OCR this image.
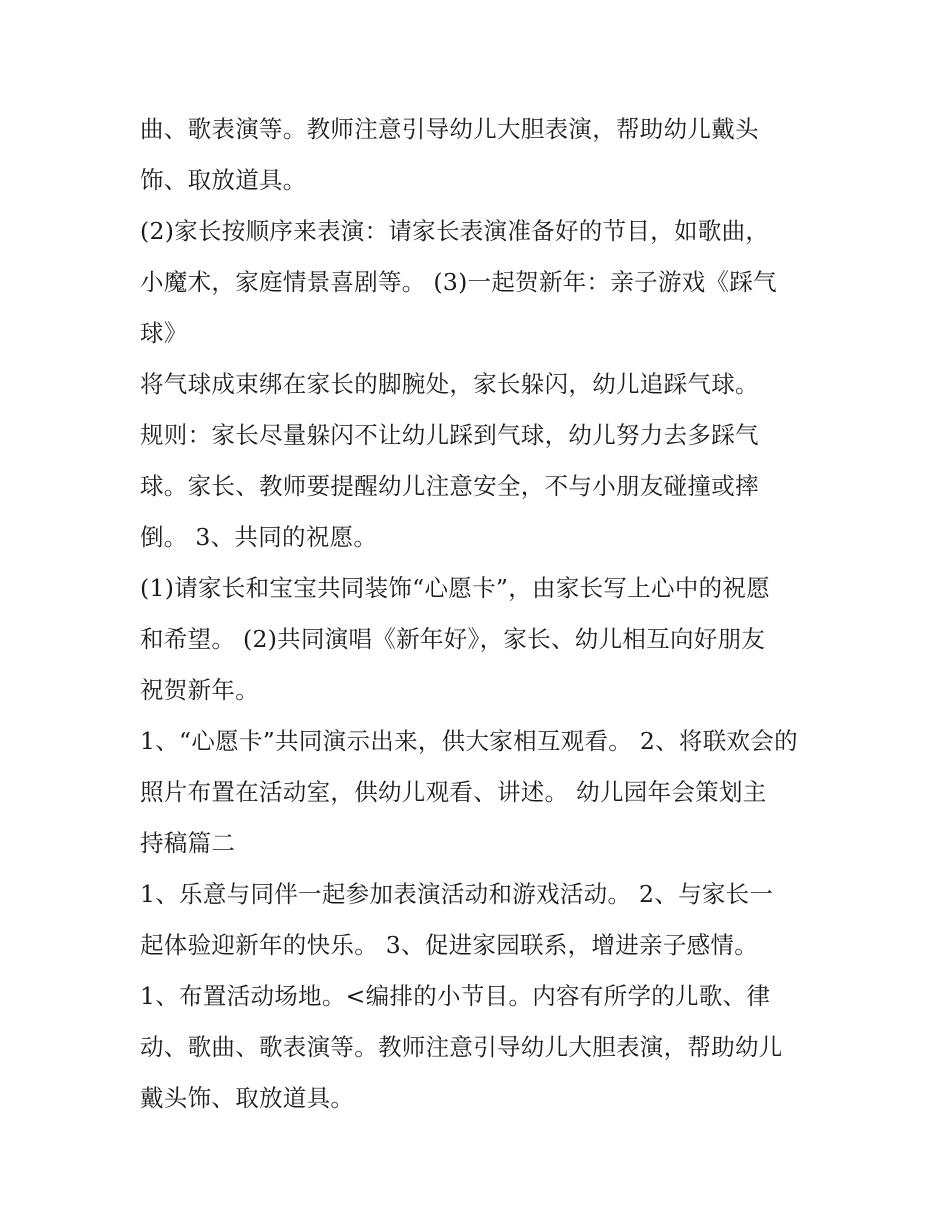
曲、歌表演等。教师注意引导幼儿大胆表演，帮助幼儿戴头
饰、取放道具。
(2)家长按顺序来表演：请家长表演准备好的节目，如歌曲，
小魔术，家庭情景喜剧等。 (3)一起贺新年：亲子游戏《踩气
球》
将气球成束绑在家长的脚腕处，家长躲闪，幼儿追踩气球。
规则：家长尽量躲闪不让幼儿踩到气球，幼儿努力去多踩气
球。家长、教师要提醒幼儿注意安全，不与小朋友碰撞或摔
倒。 3、共同的祝愿。
(1)请家长和宝宝共同装饰“心愿卡”，由家长写上心中的祝愿
和希望。 (2)共同演唱《新年好》，家长、幼儿相互向好朋友
祝贺新年。
1、“心愿卡”共同演示出来，供大家相互观看。 2、将联欢会的
照片布置在活动室，供幼儿观看、讲述。 幼儿园年会策划主
持稿篇二
1、乐意与同伴一起参加表演活动和游戏活动。 2、与家长一
起体验迎新年的快乐。 3、促进家园联系，增进亲子感情。
1、布置活动场地。<编排的小节目。内容有所学的儿歌、律
动、歌曲、歌表演等。教师注意引导幼儿大胆表演，帮助幼儿
戴头饰、取放道具。
